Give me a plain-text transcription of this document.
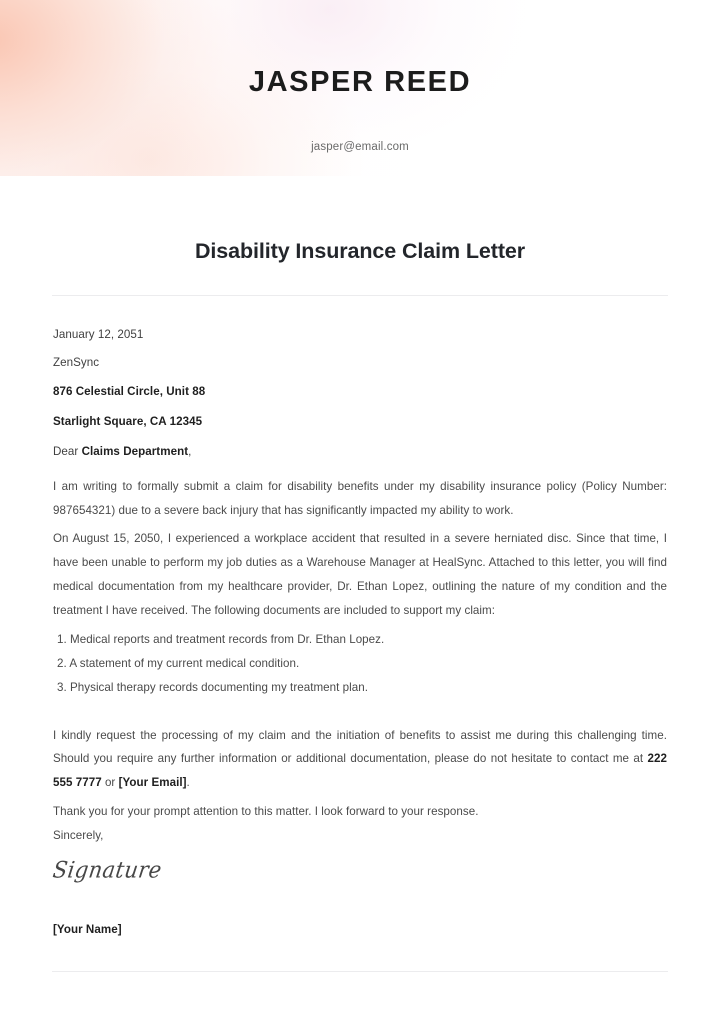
JASPER REED
jasper@email.com
Disability Insurance Claim Letter
January 12, 2051
ZenSync
876 Celestial Circle, Unit 88
Starlight Square, CA 12345
Dear Claims Department,

I am writing to formally submit a claim for disability benefits under my disability insurance policy (Policy Number: 987654321) due to a severe back injury that has significantly impacted my ability to work.

On August 15, 2050, I experienced a workplace accident that resulted in a severe herniated disc. Since that time, I have been unable to perform my job duties as a Warehouse Manager at HealSync. Attached to this letter, you will find medical documentation from my healthcare provider, Dr. Ethan Lopez, outlining the nature of my condition and the treatment I have received. The following documents are included to support my claim:

1. Medical reports and treatment records from Dr. Ethan Lopez.
2. A statement of my current medical condition.
3. Physical therapy records documenting my treatment plan.

I kindly request the processing of my claim and the initiation of benefits to assist me during this challenging time. Should you require any further information or additional documentation, please do not hesitate to contact me at 222 555 7777 or [Your Email].

Thank you for your prompt attention to this matter. I look forward to your response.
Sincerely,
Signature
[Your Name]
